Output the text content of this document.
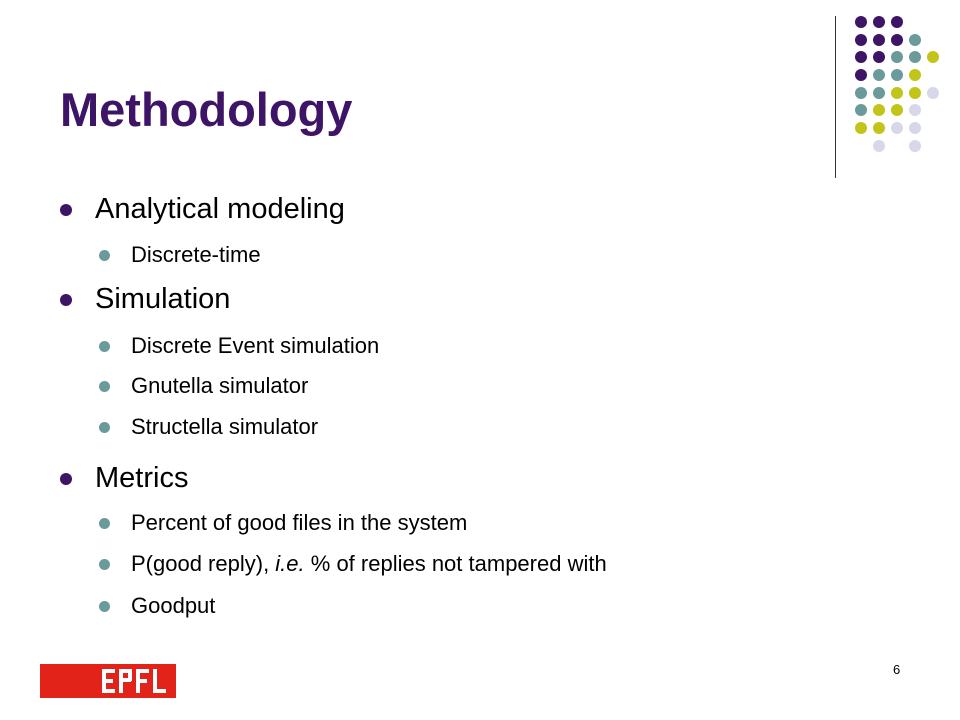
Methodology
Analytical modeling
Discrete-time
Simulation
Discrete Event simulation
Gnutella simulator
Structella simulator
Metrics
Percent of good files in the system
P(good reply), i.e. % of replies not tampered with
Goodput
6
